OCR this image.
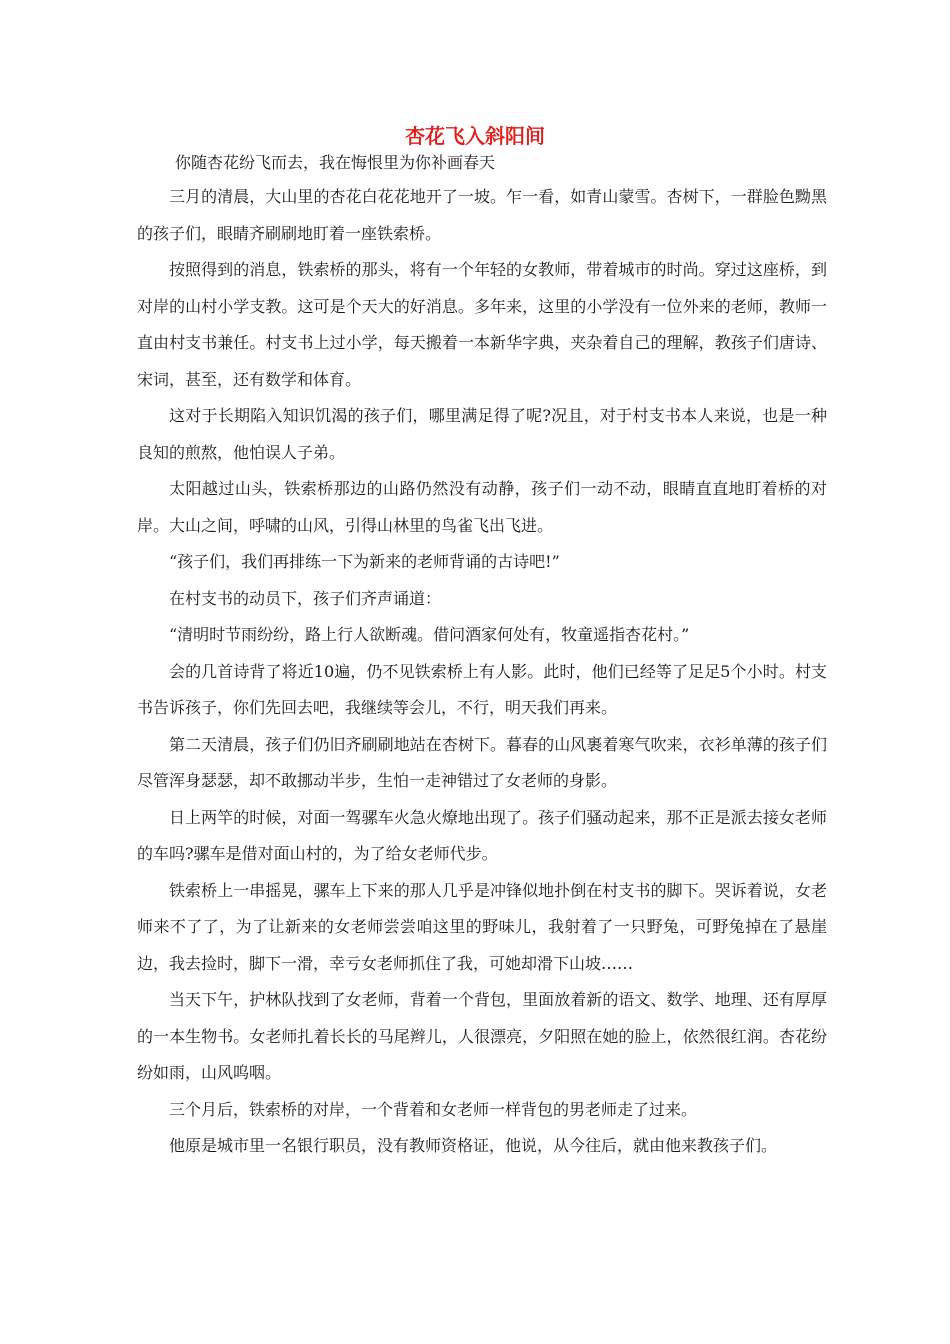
杏花飞入斜阳间
你随杏花纷飞而去，我在悔恨里为你补画春天

三月的清晨，大山里的杏花白花花地开了一坡。乍一看，如青山蒙雪。杏树下，一群脸色黝黑的孩子们，眼睛齐刷刷地盯着一座铁索桥。

按照得到的消息，铁索桥的那头，将有一个年轻的女教师，带着城市的时尚。穿过这座桥，到对岸的山村小学支教。这可是个天大的好消息。多年来，这里的小学没有一位外来的老师，教师一直由村支书兼任。村支书上过小学，每天搬着一本新华字典，夹杂着自己的理解，教孩子们唐诗、宋词，甚至，还有数学和体育。

这对于长期陷入知识饥渴的孩子们，哪里满足得了呢?况且，对于村支书本人来说，也是一种良知的煎熬，他怕误人子弟。

太阳越过山头，铁索桥那边的山路仍然没有动静，孩子们一动不动，眼睛直直地盯着桥的对岸。大山之间，呼啸的山风，引得山林里的鸟雀飞出飞进。

“孩子们，我们再排练一下为新来的老师背诵的古诗吧!”

在村支书的动员下，孩子们齐声诵道：

“清明时节雨纷纷，路上行人欲断魂。借问酒家何处有，牧童遥指杏花村。”

会的几首诗背了将近10遍，仍不见铁索桥上有人影。此时，他们已经等了足足5个小时。村支书告诉孩子，你们先回去吧，我继续等会儿，不行，明天我们再来。

第二天清晨，孩子们仍旧齐刷刷地站在杏树下。暮春的山风裹着寒气吹来，衣衫单薄的孩子们尽管浑身瑟瑟，却不敢挪动半步，生怕一走神错过了女老师的身影。

日上两竿的时候，对面一驾骡车火急火燎地出现了。孩子们骚动起来，那不正是派去接女老师的车吗?骡车是借对面山村的，为了给女老师代步。

铁索桥上一串摇晃，骡车上下来的那人几乎是冲锋似地扑倒在村支书的脚下。哭诉着说，女老师来不了了，为了让新来的女老师尝尝咱这里的野味儿，我射着了一只野兔，可野兔掉在了悬崖边，我去捡时，脚下一滑，幸亏女老师抓住了我，可她却滑下山坡……

当天下午，护林队找到了女老师，背着一个背包，里面放着新的语文、数学、地理、还有厚厚的一本生物书。女老师扎着长长的马尾辫儿，人很漂亮，夕阳照在她的脸上，依然很红润。杏花纷纷如雨，山风呜咽。

三个月后，铁索桥的对岸，一个背着和女老师一样背包的男老师走了过来。

他原是城市里一名银行职员，没有教师资格证，他说，从今往后，就由他来教孩子们。
